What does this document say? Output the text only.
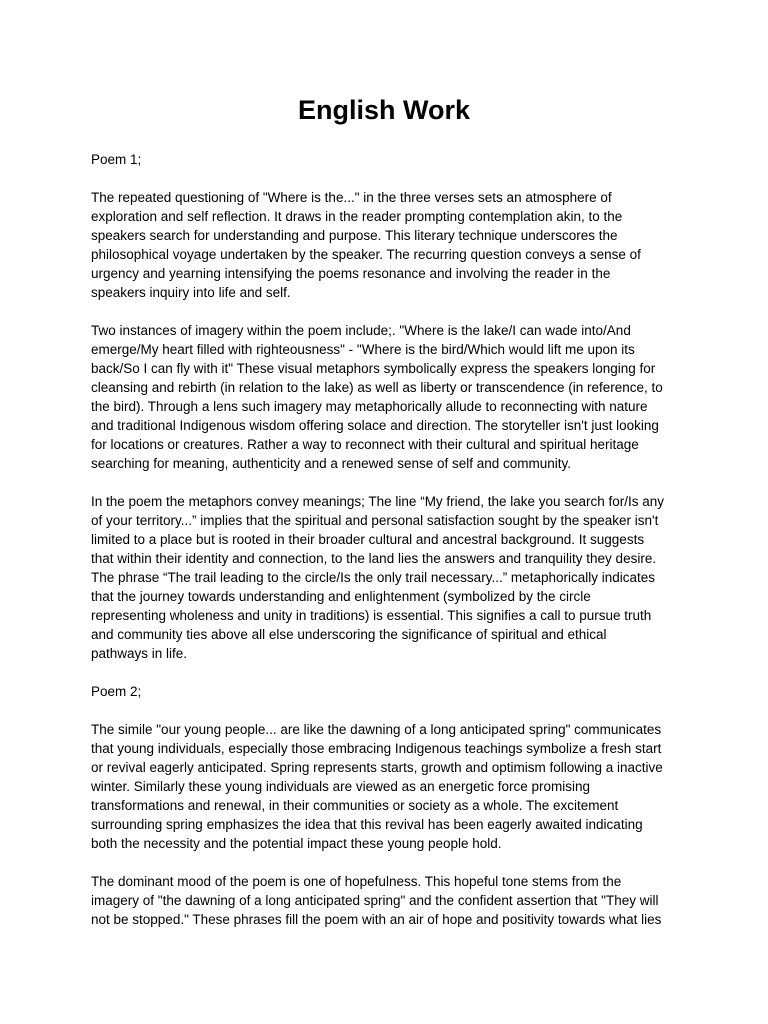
English Work
Poem 1;
The repeated questioning of "Where is the..." in the three verses sets an atmosphere of
exploration and self reflection. It draws in the reader prompting contemplation akin, to the
speakers search for understanding and purpose. This literary technique underscores the
philosophical voyage undertaken by the speaker. The recurring question conveys a sense of
urgency and yearning intensifying the poems resonance and involving the reader in the
speakers inquiry into life and self.
Two instances of imagery within the poem include;. "Where is the lake/I can wade into/And
emerge/My heart filled with righteousness" - "Where is the bird/Which would lift me upon its
back/So I can fly with it" These visual metaphors symbolically express the speakers longing for
cleansing and rebirth (in relation to the lake) as well as liberty or transcendence (in reference, to
the bird). Through a lens such imagery may metaphorically allude to reconnecting with nature
and traditional Indigenous wisdom offering solace and direction. The storyteller isn't just looking
for locations or creatures. Rather a way to reconnect with their cultural and spiritual heritage
searching for meaning, authenticity and a renewed sense of self and community.
In the poem the metaphors convey meanings; The line “My friend, the lake you search for/Is any
of your territory...” implies that the spiritual and personal satisfaction sought by the speaker isn't
limited to a place but is rooted in their broader cultural and ancestral background. It suggests
that within their identity and connection, to the land lies the answers and tranquility they desire.
The phrase “The trail leading to the circle/Is the only trail necessary...” metaphorically indicates
that the journey towards understanding and enlightenment (symbolized by the circle
representing wholeness and unity in traditions) is essential. This signifies a call to pursue truth
and community ties above all else underscoring the significance of spiritual and ethical
pathways in life.
Poem 2;
The simile "our young people... are like the dawning of a long anticipated spring" communicates
that young individuals, especially those embracing Indigenous teachings symbolize a fresh start
or revival eagerly anticipated. Spring represents starts, growth and optimism following a inactive
winter. Similarly these young individuals are viewed as an energetic force promising
transformations and renewal, in their communities or society as a whole. The excitement
surrounding spring emphasizes the idea that this revival has been eagerly awaited indicating
both the necessity and the potential impact these young people hold.
The dominant mood of the poem is one of hopefulness. This hopeful tone stems from the
imagery of "the dawning of a long anticipated spring" and the confident assertion that "They will
not be stopped." These phrases fill the poem with an air of hope and positivity towards what lies
